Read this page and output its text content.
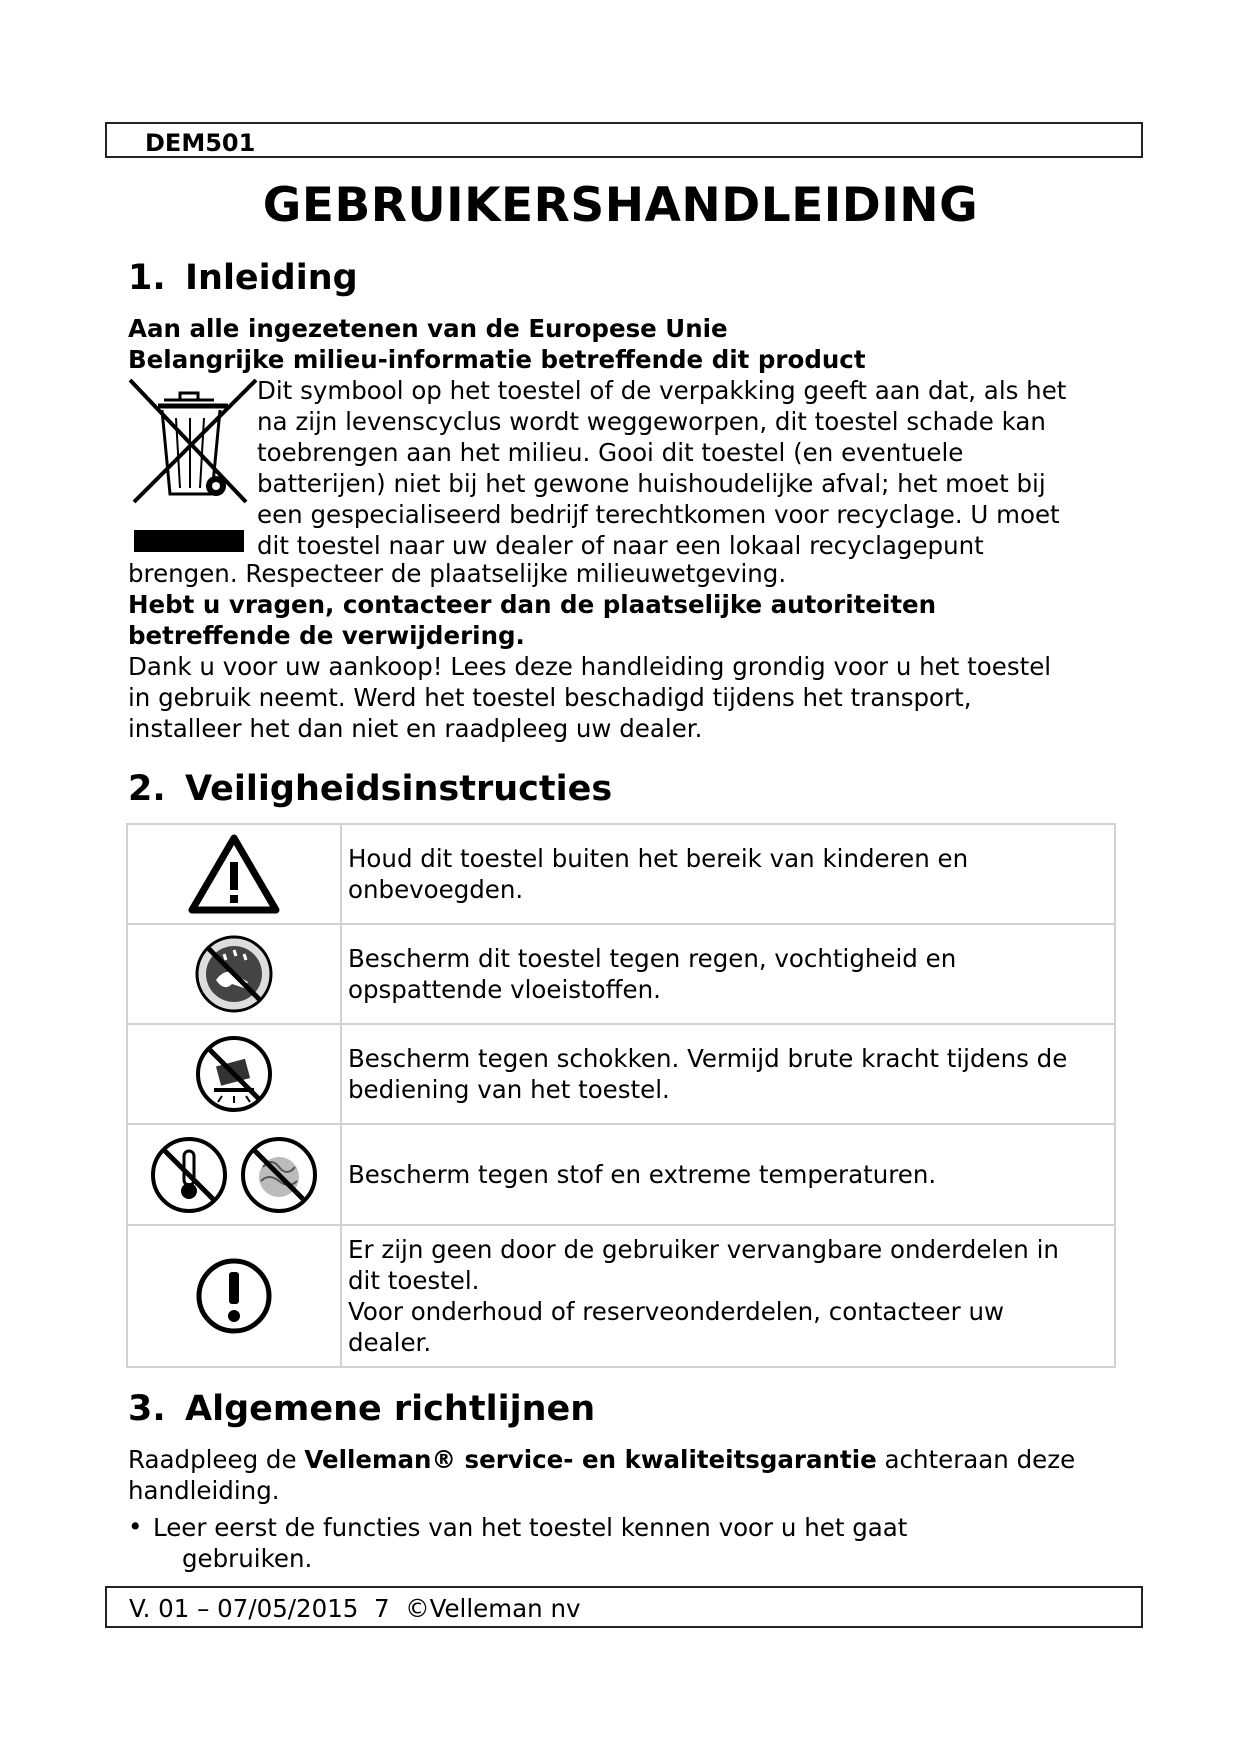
DEM501
GEBRUIKERSHANDLEIDING
1. Inleiding
Aan alle ingezetenen van de Europese Unie
Belangrijke milieu-informatie betreffende dit product
Dit symbool op het toestel of de verpakking geeft aan dat, als het
na zijn levenscyclus wordt weggeworpen, dit toestel schade kan
toebrengen aan het milieu. Gooi dit toestel (en eventuele
batterijen) niet bij het gewone huishoudelijke afval; het moet bij
een gespecialiseerd bedrijf terechtkomen voor recyclage. U moet
dit toestel naar uw dealer of naar een lokaal recyclagepunt
brengen. Respecteer de plaatselijke milieuwetgeving.
Hebt u vragen, contacteer dan de plaatselijke autoriteiten
betreffende de verwijdering.
Dank u voor uw aankoop! Lees deze handleiding grondig voor u het toestel
in gebruik neemt. Werd het toestel beschadigd tijdens het transport,
installeer het dan niet en raadpleeg uw dealer.
2. Veiligheidsinstructies

Houd dit toestel buiten het bereik van kinderen en
onbevoegden.

Bescherm dit toestel tegen regen, vochtigheid en
opspattende vloeistoffen.

Bescherm tegen schokken. Vermijd brute kracht tijdens de
bediening van het toestel.

Bescherm tegen stof en extreme temperaturen.

Er zijn geen door de gebruiker vervangbare onderdelen in
dit toestel.
Voor onderhoud of reserveonderdelen, contacteer uw
dealer.
3. Algemene richtlijnen
Raadpleeg de Velleman® service- en kwaliteitsgarantie achteraan deze
handleiding.
• Leer eerst de functies van het toestel kennen voor u het gaat
gebruiken.
V. 01 – 07/05/2015  7  ©Velleman nv
